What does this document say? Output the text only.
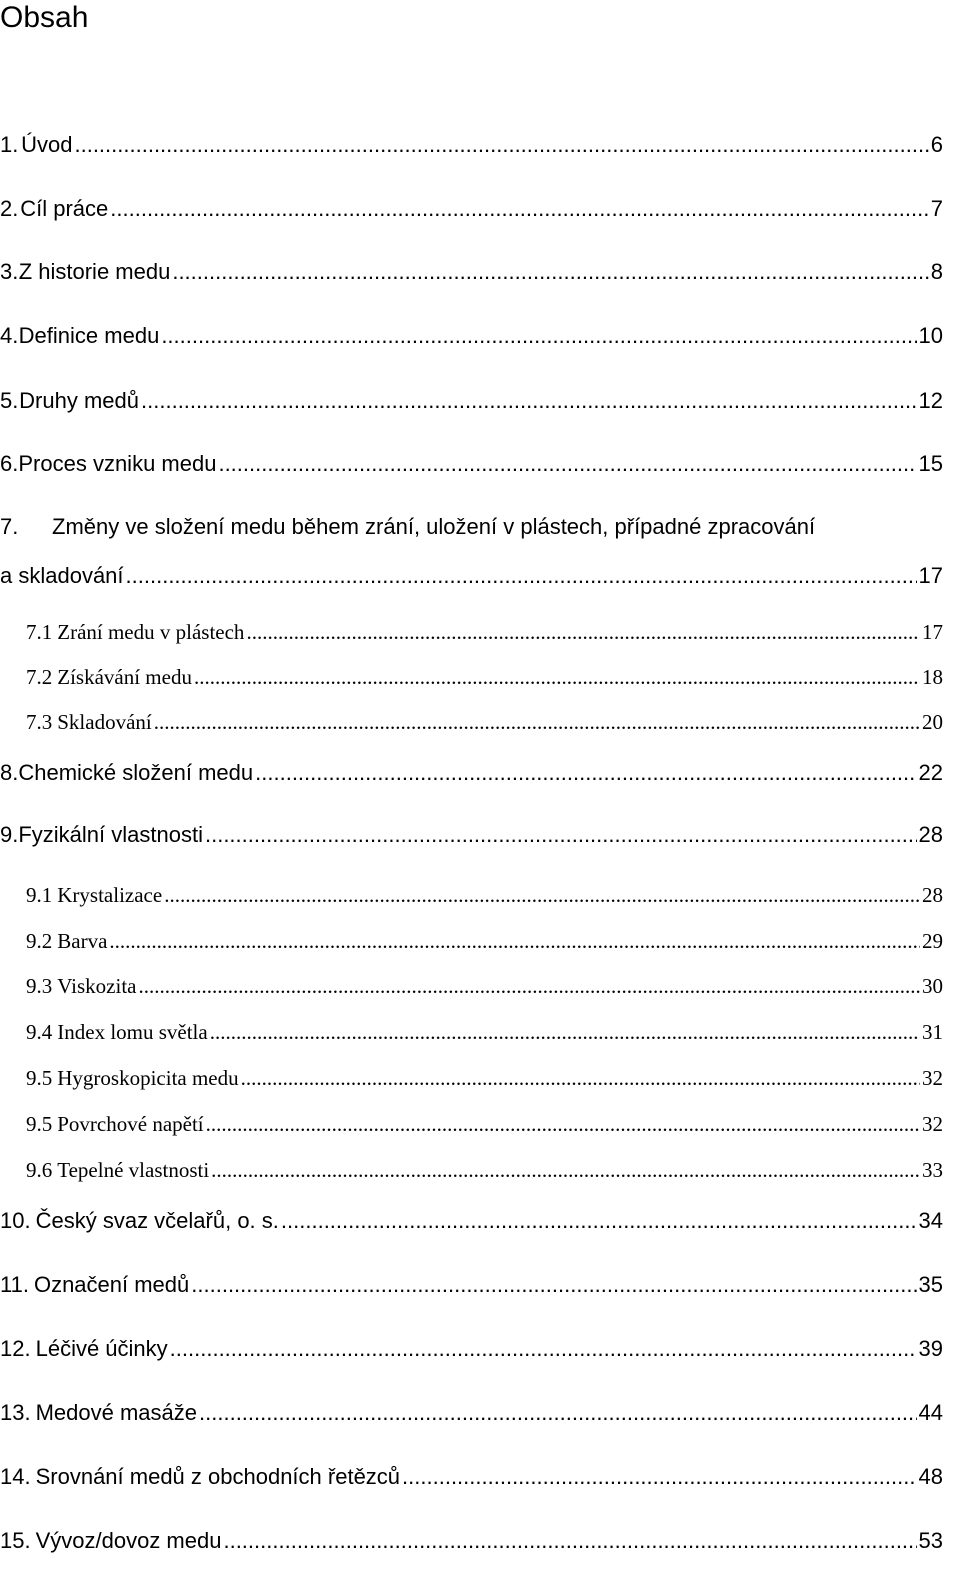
Obsah
1. Úvod .....	6
2. Cíl práce .....	7
3. Z historie medu .....	8
4. Definice medu .....	10
5. Druhy medů .....	12
6. Proces vzniku medu .....	15
7. Změny ve složení medu během zrání, uložení v plástech, případné zpracování
a skladování .....	17
7.1 Zrání medu v plástech .....	17
7.2 Získávání medu .....	18
7.3 Skladování .....	20
8. Chemické složení medu .....	22
9. Fyzikální vlastnosti .....	28
9.1 Krystalizace .....	28
9.2 Barva .....	29
9.3 Viskozita .....	30
9.4 Index lomu světla .....	31
9.5 Hygroskopicita medu .....	32
9.5 Povrchové napětí .....	32
9.6 Tepelné vlastnosti .....	33
10. Český svaz včelařů, o. s. .....	34
11. Označení medů .....	35
12. Léčivé účinky .....	39
13. Medové masáže .....	44
14. Srovnání medů z obchodních řetězců .....	48
15. Vývoz/dovoz medu .....	53
